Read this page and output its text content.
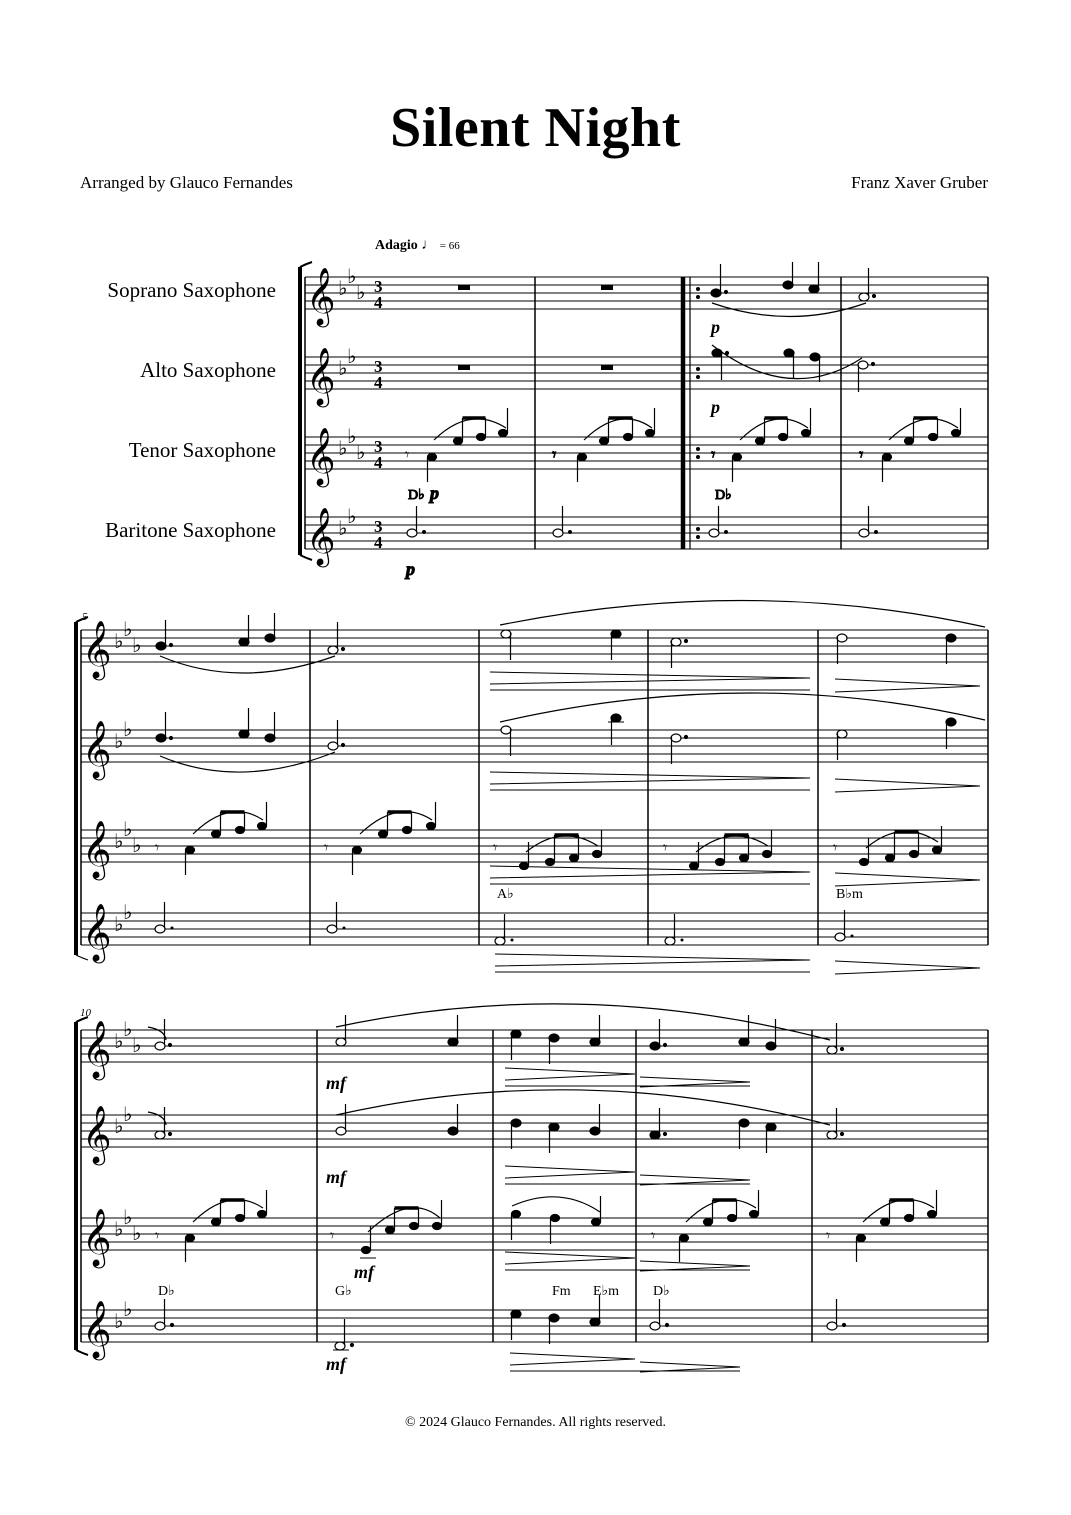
Silent Night
Arranged by Glauco Fernandes	Franz Xaver Gruber
Adagio ♩ = 66
Soprano Saxophone
Alto Saxophone
Tenor Saxophone
Baritone Saxophone
𝄞
𝄞
𝄞
𝄞
♭ ♭
♭
♭ ♭
♭ ♭
♭
♭ ♭
3
4
3
4
3
4
3
4
p
p
𝄾	𝄾	𝄾	𝄾
D♭	D♭
p
p
5
𝄞
𝄞
𝄞
𝄞
♭ ♭
♭
♭ ♭
♭ ♭
♭
♭ ♭
𝄾	𝄾	𝄾	𝄾	𝄾
A♭	B♭m
10
𝄞
𝄞
𝄞
𝄞
♭ ♭
♭
♭ ♭
♭ ♭
♭
♭ ♭
mf
mf
𝄾	𝄾	𝄾	𝄾
mf
D♭	G♭	Fm E♭m D♭
mf
© 2024 Glauco Fernandes. All rights reserved.
